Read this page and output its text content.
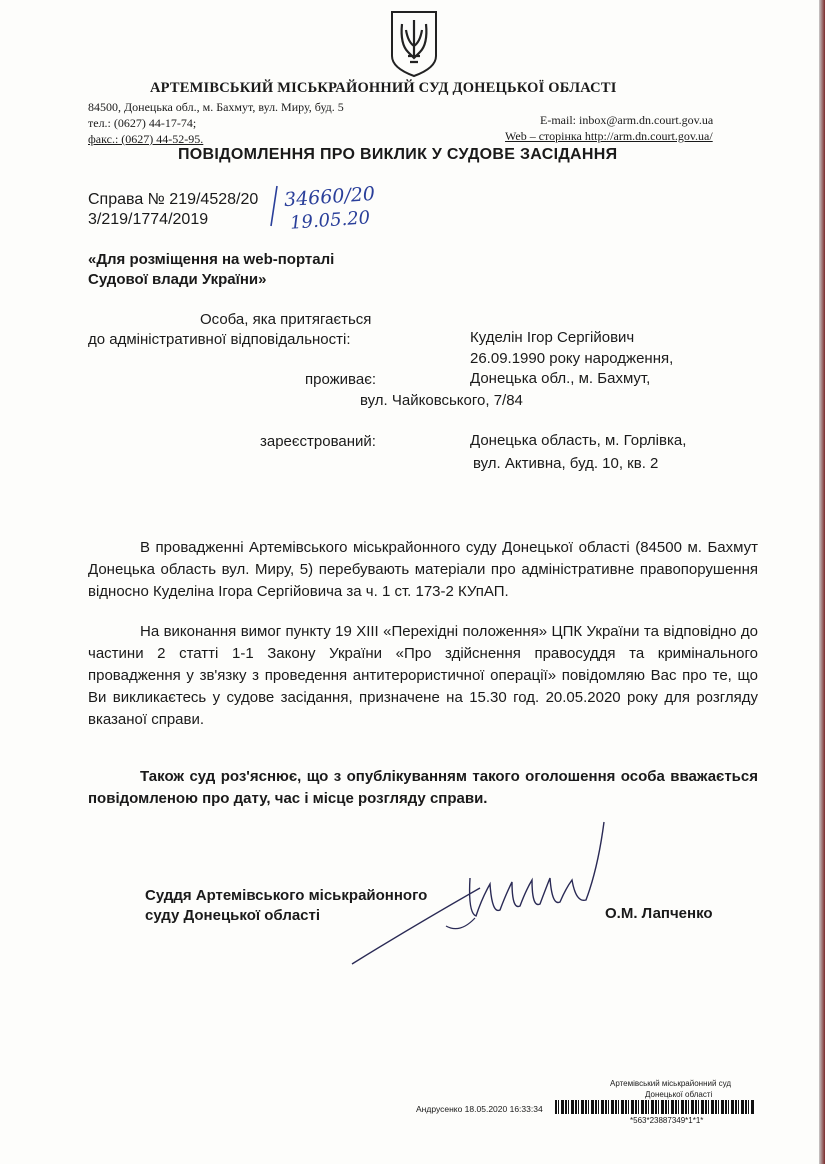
АРТЕМІВСЬКИЙ МІСЬКРАЙОННИЙ СУД ДОНЕЦЬКОЇ ОБЛАСТІ
84500, Донецька обл., м. Бахмут, вул. Миру, буд. 5
тел.: (0627) 44-17-74;
факс.: (0627) 44-52-95.
E-mail: inbox@arm.dn.court.gov.ua
Web – сторінка http://arm.dn.court.gov.ua/
ПОВІДОМЛЕННЯ ПРО ВИКЛИК У СУДОВЕ ЗАСІДАННЯ
Справа № 219/4528/20
3/219/1774/2019
34660/20
19.05.20
«Для розміщення на web-порталі
Судової влади України»
Особа, яка притягається
до адміністративної відповідальності:	Куделін Ігор Сергійович
26.09.1990 року народження,
проживає:	Донецька обл., м. Бахмут,
вул. Чайковського, 7/84
зареєстрований:	Донецька область, м. Горлівка,
вул. Активна, буд. 10, кв. 2
В провадженні Артемівського міськрайонного суду Донецької області (84500 м. Бахмут Донецька область вул. Миру, 5) перебувають матеріали про адміністративне правопорушення відносно Куделіна Ігора Сергійовича за ч. 1 ст. 173-2 КУпАП.
На виконання вимог пункту 19 XIII «Перехідні положення» ЦПК України та відповідно до частини 2 статті 1-1 Закону України «Про здійснення правосуддя та кримінального провадження у зв'язку з проведення антитерористичної операції» повідомляю Вас про те, що Ви викликаєтесь у судове засідання, призначене на 15.30 год. 20.05.2020 року для розгляду вказаної справи.
Також суд роз'яснює, що з опублікуванням такого оголошення особа вважається повідомленою про дату, час і місце розгляду справи.
Суддя Артемівського міськрайонного
суду Донецької області	О.М. Лапченко
Артемівський міськрайонний суд
Донецької області
Андрусенко 18.05.2020 16:33:34
*563*23887349*1*1*
